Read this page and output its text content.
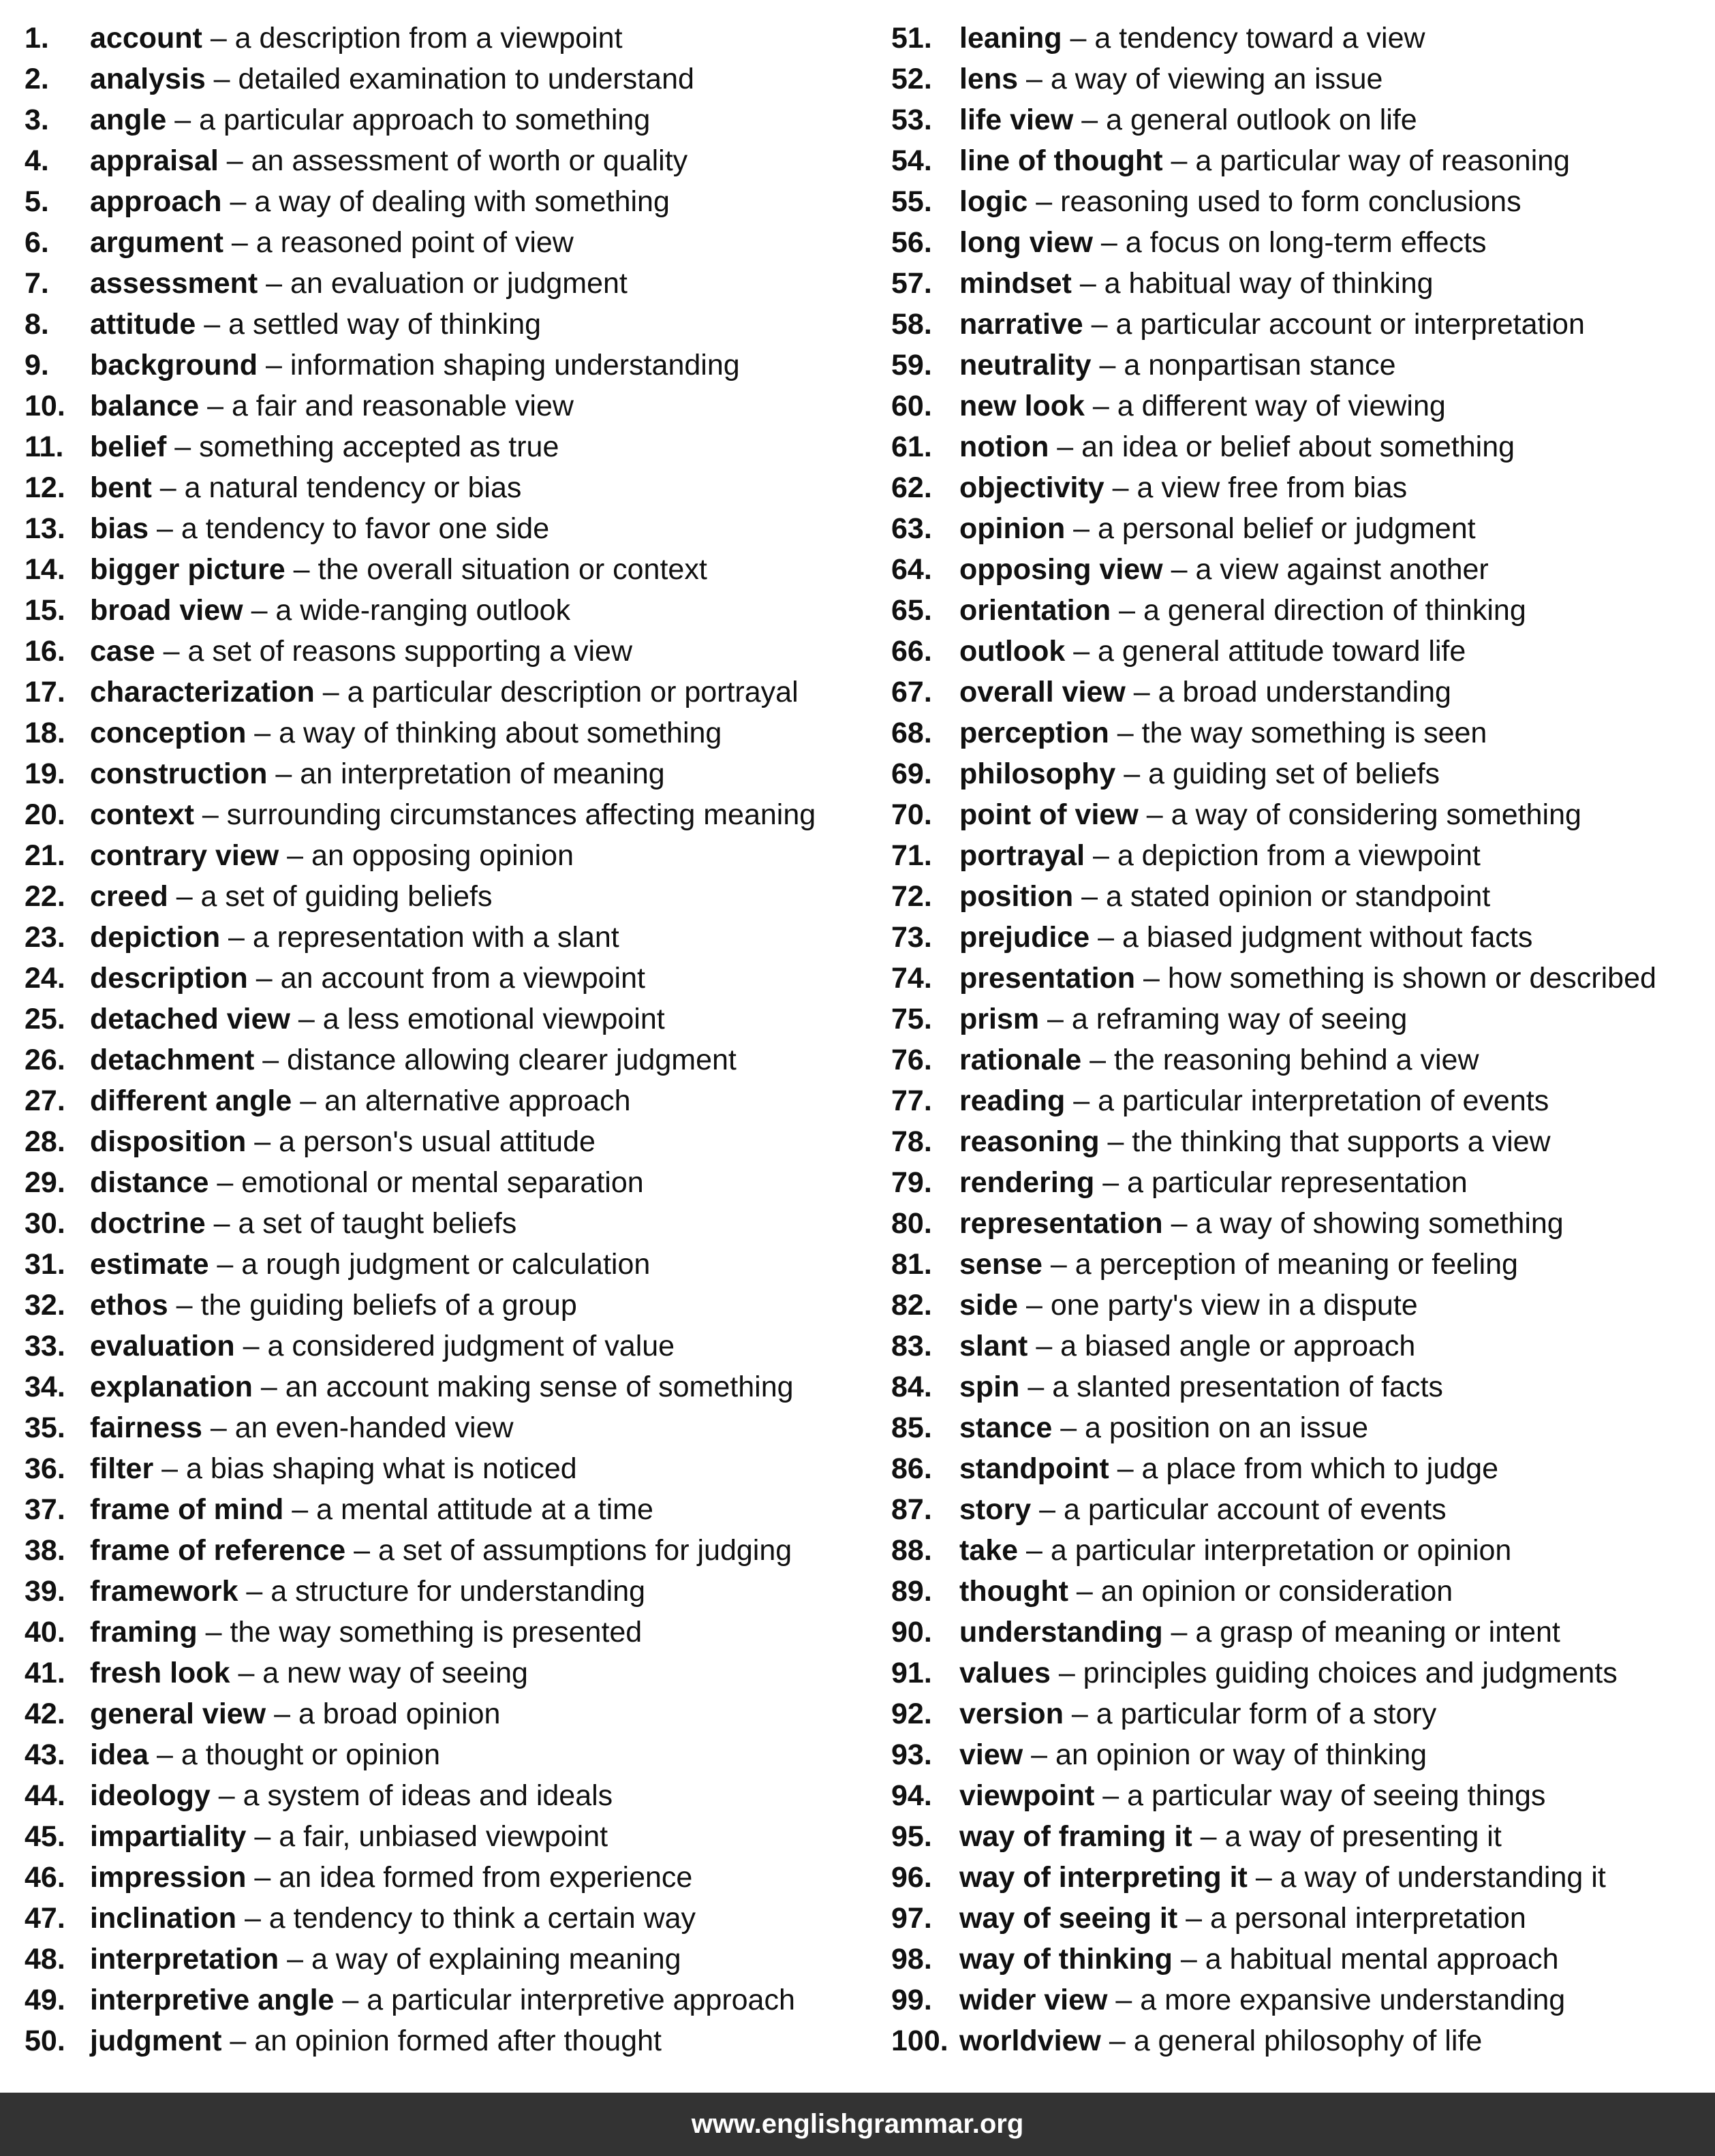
1. account – a description from a viewpoint
2. analysis – detailed examination to understand
3. angle – a particular approach to something
4. appraisal – an assessment of worth or quality
5. approach – a way of dealing with something
6. argument – a reasoned point of view
7. assessment – an evaluation or judgment
8. attitude – a settled way of thinking
9. background – information shaping understanding
10. balance – a fair and reasonable view
11. belief – something accepted as true
12. bent – a natural tendency or bias
13. bias – a tendency to favor one side
14. bigger picture – the overall situation or context
15. broad view – a wide-ranging outlook
16. case – a set of reasons supporting a view
17. characterization – a particular description or portrayal
18. conception – a way of thinking about something
19. construction – an interpretation of meaning
20. context – surrounding circumstances affecting meaning
21. contrary view – an opposing opinion
22. creed – a set of guiding beliefs
23. depiction – a representation with a slant
24. description – an account from a viewpoint
25. detached view – a less emotional viewpoint
26. detachment – distance allowing clearer judgment
27. different angle – an alternative approach
28. disposition – a person's usual attitude
29. distance – emotional or mental separation
30. doctrine – a set of taught beliefs
31. estimate – a rough judgment or calculation
32. ethos – the guiding beliefs of a group
33. evaluation – a considered judgment of value
34. explanation – an account making sense of something
35. fairness – an even-handed view
36. filter – a bias shaping what is noticed
37. frame of mind – a mental attitude at a time
38. frame of reference – a set of assumptions for judging
39. framework – a structure for understanding
40. framing – the way something is presented
41. fresh look – a new way of seeing
42. general view – a broad opinion
43. idea – a thought or opinion
44. ideology – a system of ideas and ideals
45. impartiality – a fair, unbiased viewpoint
46. impression – an idea formed from experience
47. inclination – a tendency to think a certain way
48. interpretation – a way of explaining meaning
49. interpretive angle – a particular interpretive approach
50. judgment – an opinion formed after thought
51. leaning – a tendency toward a view
52. lens – a way of viewing an issue
53. life view – a general outlook on life
54. line of thought – a particular way of reasoning
55. logic – reasoning used to form conclusions
56. long view – a focus on long-term effects
57. mindset – a habitual way of thinking
58. narrative – a particular account or interpretation
59. neutrality – a nonpartisan stance
60. new look – a different way of viewing
61. notion – an idea or belief about something
62. objectivity – a view free from bias
63. opinion – a personal belief or judgment
64. opposing view – a view against another
65. orientation – a general direction of thinking
66. outlook – a general attitude toward life
67. overall view – a broad understanding
68. perception – the way something is seen
69. philosophy – a guiding set of beliefs
70. point of view – a way of considering something
71. portrayal – a depiction from a viewpoint
72. position – a stated opinion or standpoint
73. prejudice – a biased judgment without facts
74. presentation – how something is shown or described
75. prism – a reframing way of seeing
76. rationale – the reasoning behind a view
77. reading – a particular interpretation of events
78. reasoning – the thinking that supports a view
79. rendering – a particular representation
80. representation – a way of showing something
81. sense – a perception of meaning or feeling
82. side – one party's view in a dispute
83. slant – a biased angle or approach
84. spin – a slanted presentation of facts
85. stance – a position on an issue
86. standpoint – a place from which to judge
87. story – a particular account of events
88. take – a particular interpretation or opinion
89. thought – an opinion or consideration
90. understanding – a grasp of meaning or intent
91. values – principles guiding choices and judgments
92. version – a particular form of a story
93. view – an opinion or way of thinking
94. viewpoint – a particular way of seeing things
95. way of framing it – a way of presenting it
96. way of interpreting it – a way of understanding it
97. way of seeing it – a personal interpretation
98. way of thinking – a habitual mental approach
99. wider view – a more expansive understanding
100. worldview – a general philosophy of life
www.englishgrammar.org
